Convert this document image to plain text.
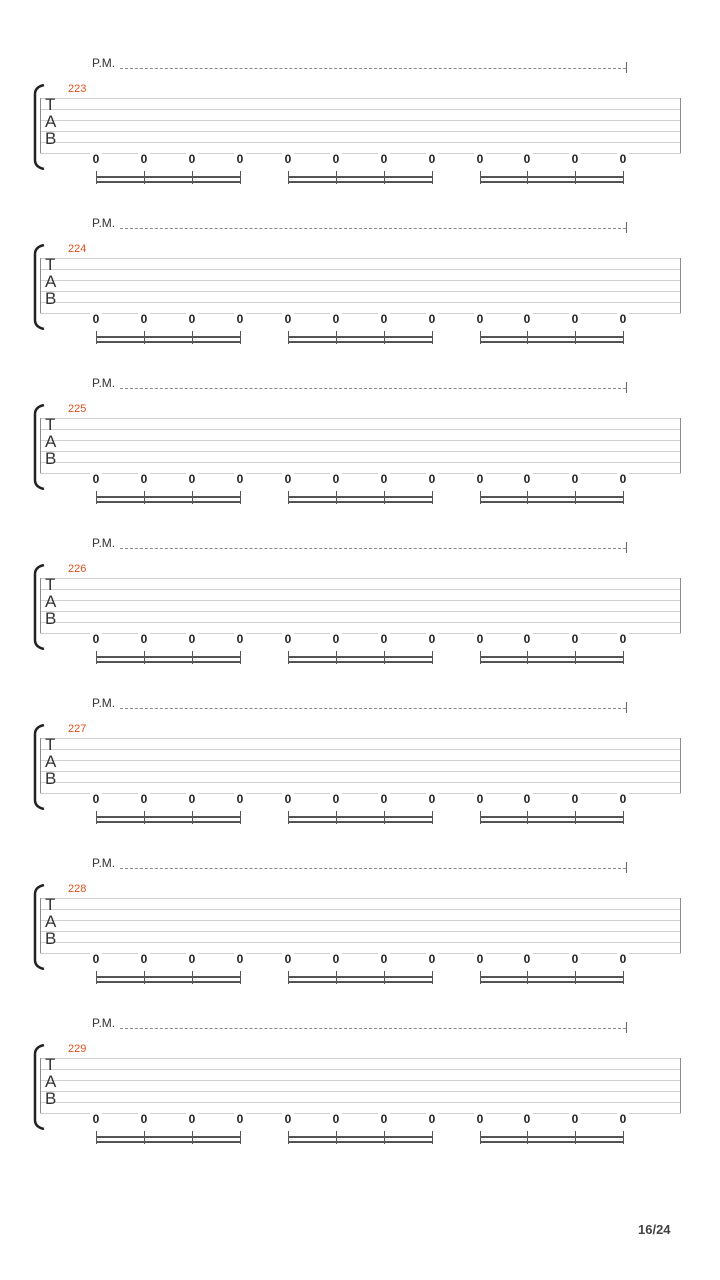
P.M.
223
T
A
B
0	0	0	0	0	0	0	0	0	0	0	0
P.M.
224
T
A
B
0	0	0	0	0	0	0	0	0	0	0	0
P.M.
225
T
A
B
0	0	0	0	0	0	0	0	0	0	0	0
P.M.
226
T
A
B
0	0	0	0	0	0	0	0	0	0	0	0
P.M.
227
T
A
B
0	0	0	0	0	0	0	0	0	0	0	0
P.M.
228
T
A
B
0	0	0	0	0	0	0	0	0	0	0	0
P.M.
229
T
A
B
0	0	0	0	0	0	0	0	0	0	0	0
16/24
